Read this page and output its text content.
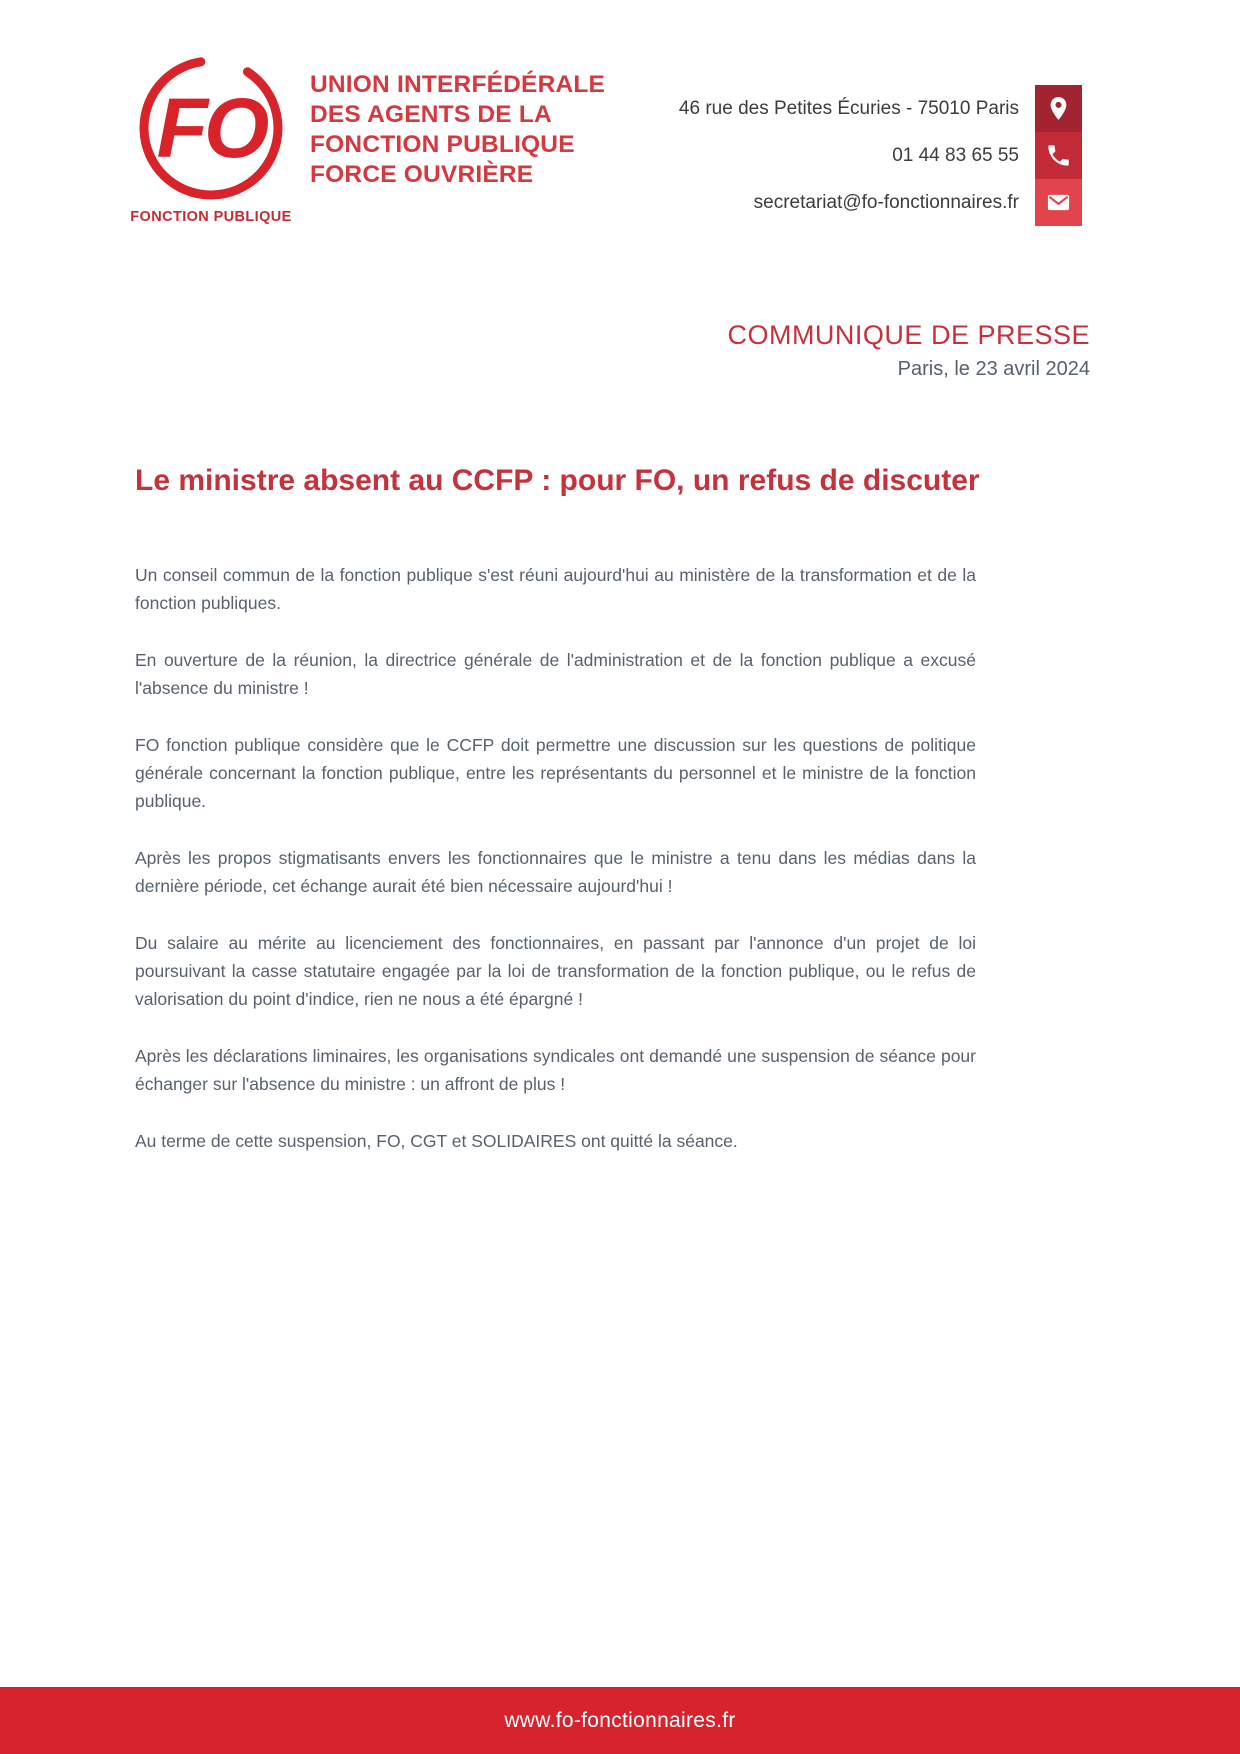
FO
FONCTION PUBLIQUE
UNION INTERFÉDÉRALE
DES AGENTS DE LA
FONCTION PUBLIQUE
FORCE OUVRIÈRE
46 rue des Petites Écuries - 75010 Paris
01 44 83 65 55
secretariat@fo-fonctionnaires.fr
COMMUNIQUE DE PRESSE
Paris, le 23 avril 2024
Le ministre absent au CCFP : pour FO, un refus de discuter

Un conseil commun de la fonction publique s'est réuni aujourd'hui au ministère de la transformation et de la fonction publiques.

En ouverture de la réunion, la directrice générale de l'administration et de la fonction publique a excusé l'absence du ministre !

FO fonction publique considère que le CCFP doit permettre une discussion sur les questions de politique générale concernant la fonction publique, entre les représentants du personnel et le ministre de la fonction publique.

Après les propos stigmatisants envers les fonctionnaires que le ministre a tenu dans les médias dans la dernière période, cet échange aurait été bien nécessaire aujourd'hui !

Du salaire au mérite au licenciement des fonctionnaires, en passant par l'annonce d'un projet de loi poursuivant la casse statutaire engagée par la loi de transformation de la fonction publique, ou le refus de valorisation du point d'indice, rien ne nous a été épargné !

Après les déclarations liminaires, les organisations syndicales ont demandé une suspension de séance pour échanger sur l'absence du ministre : un affront de plus !

Au terme de cette suspension, FO, CGT et SOLIDAIRES ont quitté la séance.

www.fo-fonctionnaires.fr
